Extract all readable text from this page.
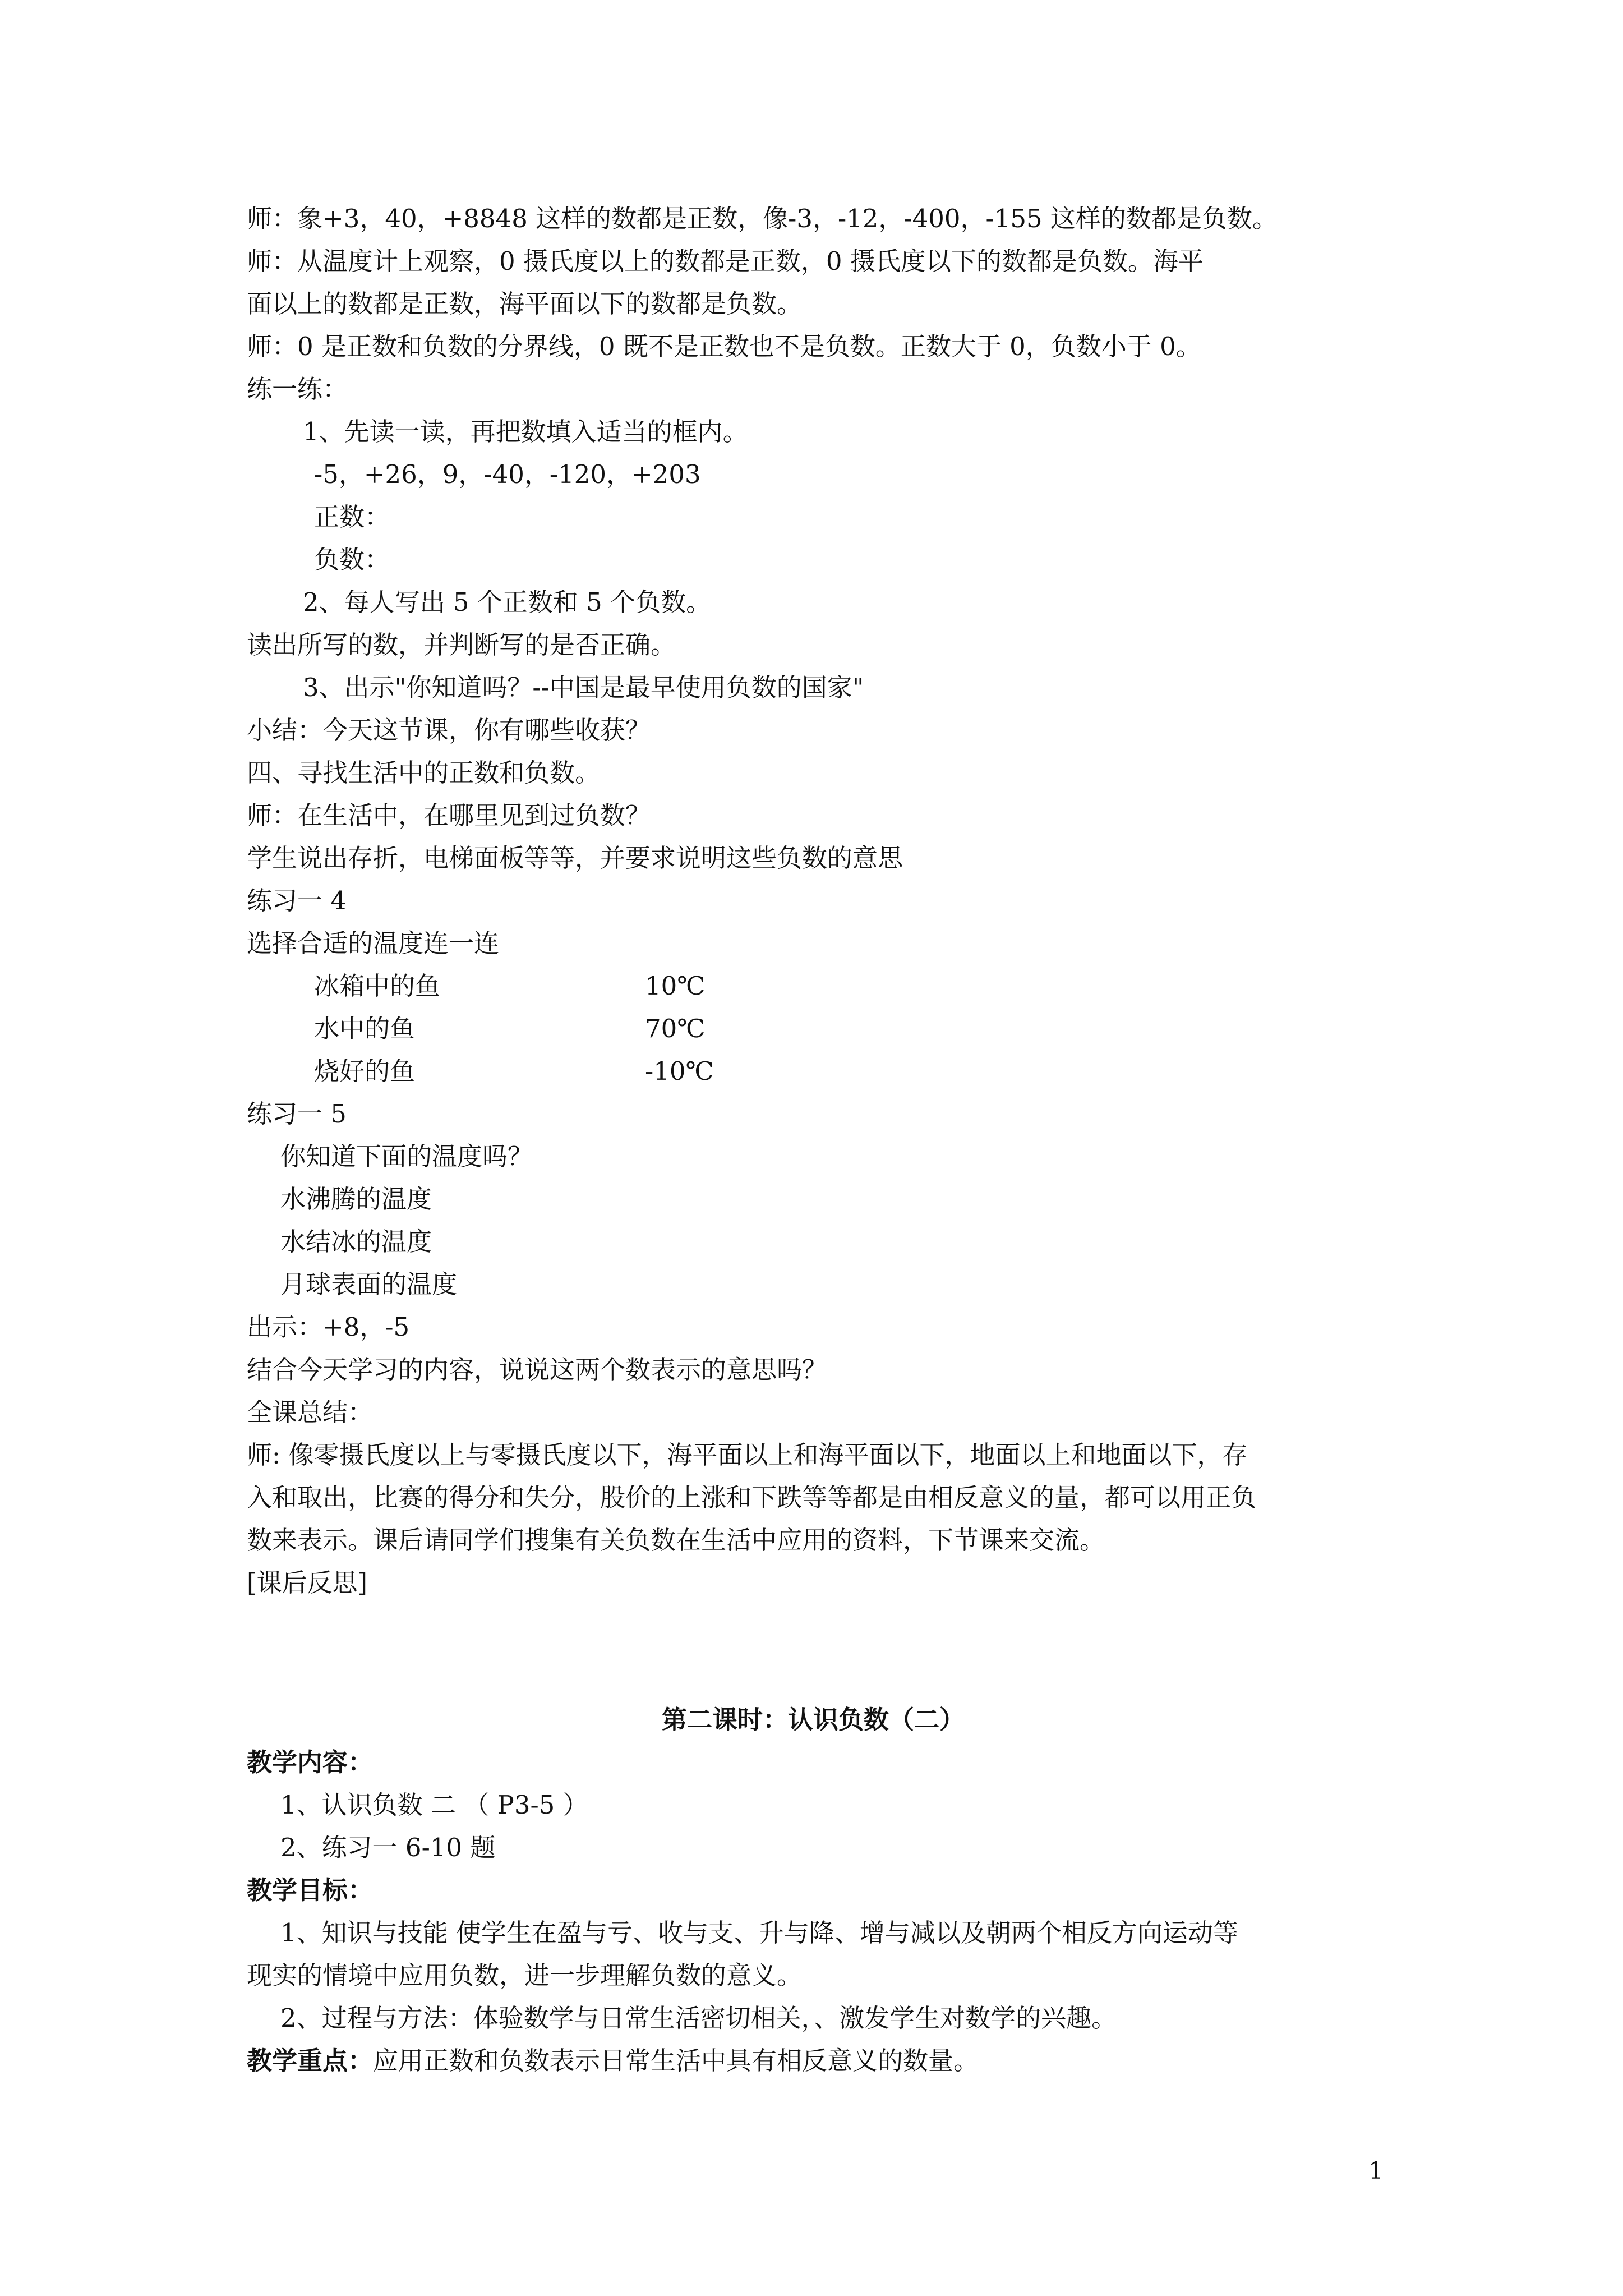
师：象+3，40，+8848 这样的数都是正数，像-3，-12，-400，-155 这样的数都是负数。
师：从温度计上观察，0 摄氏度以上的数都是正数，0 摄氏度以下的数都是负数。海平
面以上的数都是正数，海平面以下的数都是负数。
师：0 是正数和负数的分界线，0 既不是正数也不是负数。正数大于 0，负数小于 0。
练一练：
1、先读一读，再把数填入适当的框内。
-5，+26，9，-40，-120，+203
正数：
负数：
2、每人写出 5 个正数和 5 个负数。
读出所写的数，并判断写的是否正确。
3、出示"你知道吗？--中国是最早使用负数的国家"
小结：今天这节课，你有哪些收获？
四、寻找生活中的正数和负数。
师：在生活中，在哪里见到过负数？
学生说出存折，电梯面板等等，并要求说明这些负数的意思
练习一 4
选择合适的温度连一连
冰箱中的鱼	10℃
水中的鱼	70℃
烧好的鱼	-10℃
练习一 5
你知道下面的温度吗？
水沸腾的温度
水结冰的温度
月球表面的温度
出示：+8，-5
结合今天学习的内容，说说这两个数表示的意思吗？
全课总结：
师: 像零摄氏度以上与零摄氏度以下，海平面以上和海平面以下，地面以上和地面以下，存
入和取出，比赛的得分和失分，股价的上涨和下跌等等都是由相反意义的量，都可以用正负
数来表示。课后请同学们搜集有关负数在生活中应用的资料，下节课来交流。
[课后反思]
第二课时：认识负数（二）
教学内容：
1、认识负数 二 （ P3-5 ）
2、练习一 6-10 题
教学目标：
1、知识与技能 使学生在盈与亏、收与支、升与降、增与减以及朝两个相反方向运动等
现实的情境中应用负数，进一步理解负数的意义。
2、过程与方法：体验数学与日常生活密切相关，、激发学生对数学的兴趣。
教学重点：应用正数和负数表示日常生活中具有相反意义的数量。
1
